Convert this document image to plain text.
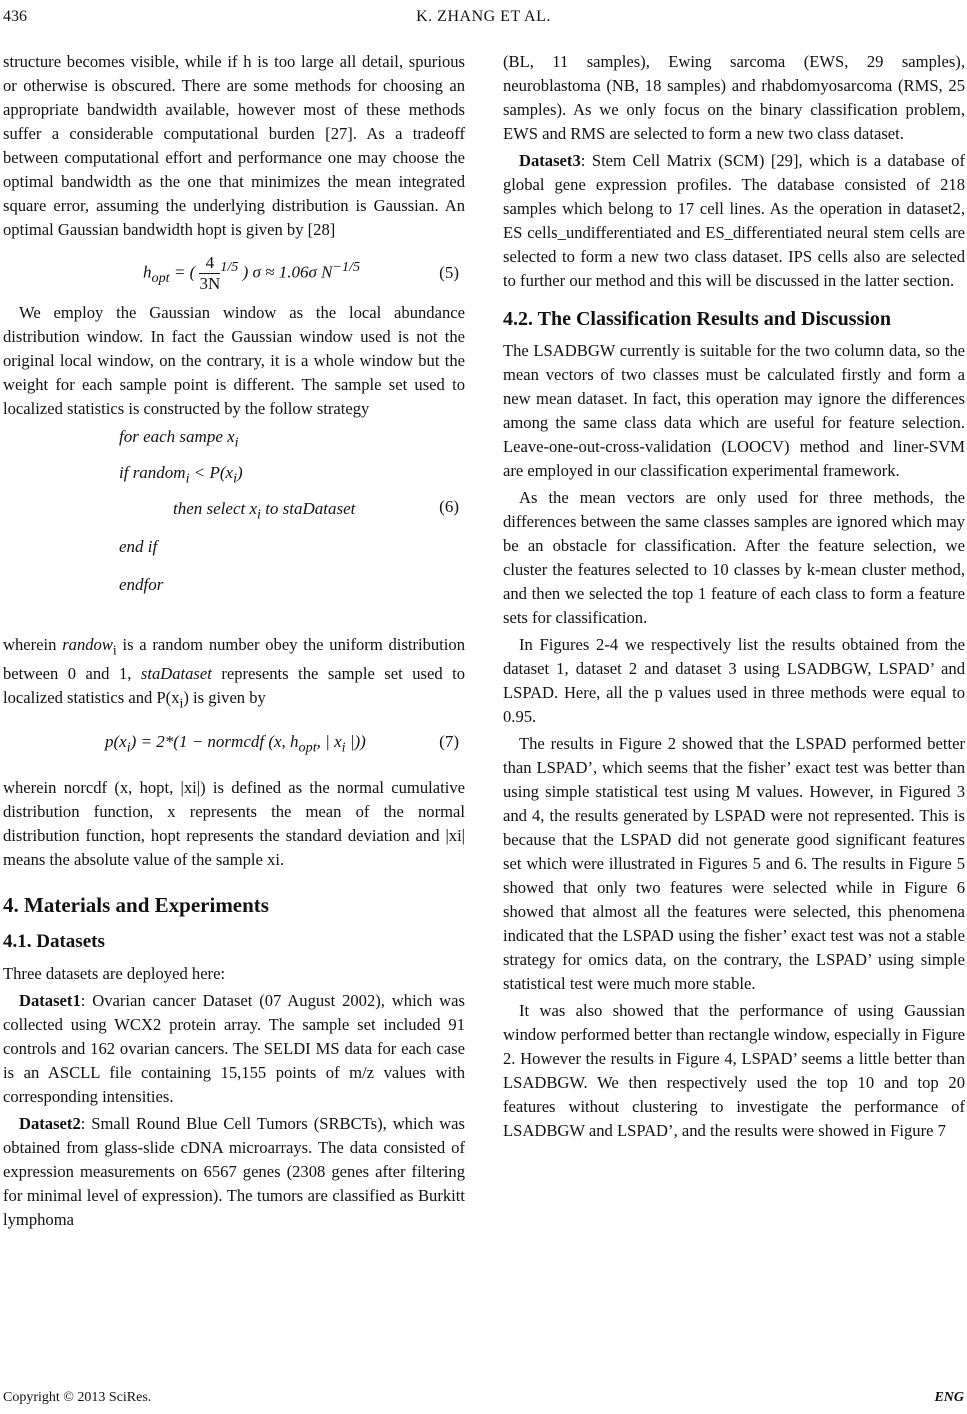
436	K. ZHANG ET AL.

structure becomes visible, while if h is too large all detail, spurious or otherwise is obscured. There are some methods for choosing an appropriate bandwidth available, however most of these methods suffer a considerable computational burden [27]. As a tradeoff between computational effort and performance one may choose the optimal bandwidth as the one that minimizes the mean integrated square error, assuming the underlying distribution is Gaussian. An optimal Gaussian bandwidth hopt is given by [28]

$h_{opt}$ = ( $\frac{4}{3N} ^{1/5}$ ) σ ≈ 1.06σ $N^{-1/5}$	(5)

We employ the Gaussian window as the local abundance distribution window. In fact the Gaussian window used is not the original local window, on the contrary, it is a whole window but the weight for each sample point is different. The sample set used to localized statistics is constructed by the follow strategy

for each sampe $x_i$
if random$_i$ < $P(x_i)$
then select $x_i$ to staDataset
end if
endfor
(6)

wherein randow$_i$ is a random number obey the uniform distribution between 0 and 1, staDataset represents the sample set used to localized statistics and $P(x_i)$ is given by

$p(x_i) = 2*(1$ − normcdf (x, $h_{opt}$, | $x_i$ |))	(7)

wherein norcdf (x, hopt, |xi|) is defined as the normal cumulative distribution function, x represents the mean of the normal distribution function, hopt represents the standard deviation and |xi| means the absolute value of the sample xi.

4. Materials and Experiments
4.1. Datasets

Three datasets are deployed here:

Dataset1: Ovarian cancer Dataset (07 August 2002), which was collected using WCX2 protein array. The sample set included 91 controls and 162 ovarian cancers. The SELDI MS data for each case is an ASCLL file containing 15,155 points of m/z values with corresponding intensities.

Dataset2: Small Round Blue Cell Tumors (SRBCTs), which was obtained from glass-slide cDNA microarrays. The data consisted of expression measurements on 6567 genes (2308 genes after filtering for minimal level of expression). The tumors are classified as Burkitt lymphoma

(BL, 11 samples), Ewing sarcoma (EWS, 29 samples), neuroblastoma (NB, 18 samples) and rhabdomyosarcoma (RMS, 25 samples). As we only focus on the binary classification problem, EWS and RMS are selected to form a new two class dataset.

Dataset3: Stem Cell Matrix (SCM) [29], which is a database of global gene expression profiles. The database consisted of 218 samples which belong to 17 cell lines. As the operation in dataset2, ES cells_undifferentiated and ES_differentiated neural stem cells are selected to form a new two class dataset. IPS cells also are selected to further our method and this will be discussed in the latter section.

4.2. The Classification Results and Discussion

The LSADBGW currently is suitable for the two column data, so the mean vectors of two classes must be calculated firstly and form a new mean dataset. In fact, this operation may ignore the differences among the same class data which are useful for feature selection. Leave-one-out-cross-validation (LOOCV) method and liner-SVM are employed in our classification experimental framework.

As the mean vectors are only used for three methods, the differences between the same classes samples are ignored which may be an obstacle for classification. After the feature selection, we cluster the features selected to 10 classes by k-mean cluster method, and then we selected the top 1 feature of each class to form a feature sets for classification.

In Figures 2-4 we respectively list the results obtained from the dataset 1, dataset 2 and dataset 3 using LSADBGW, LSPAD’ and LSPAD. Here, all the p values used in three methods were equal to 0.95.

The results in Figure 2 showed that the LSPAD performed better than LSPAD’, which seems that the fisher’ exact test was better than using simple statistical test using M values. However, in Figured 3 and 4, the results generated by LSPAD were not represented. This is because that the LSPAD did not generate good significant features set which were illustrated in Figures 5 and 6. The results in Figure 5 showed that only two features were selected while in Figure 6 showed that almost all the features were selected, this phenomena indicated that the LSPAD using the fisher’ exact test was not a stable strategy for omics data, on the contrary, the LSPAD’ using simple statistical test were much more stable.

It was also showed that the performance of using Gaussian window performed better than rectangle window, especially in Figure 2. However the results in Figure 4, LSPAD’ seems a little better than LSADBGW. We then respectively used the top 10 and top 20 features without clustering to investigate the performance of LSADBGW and LSPAD’, and the results were showed in Figure 7

Copyright © 2013 SciRes.	ENG
